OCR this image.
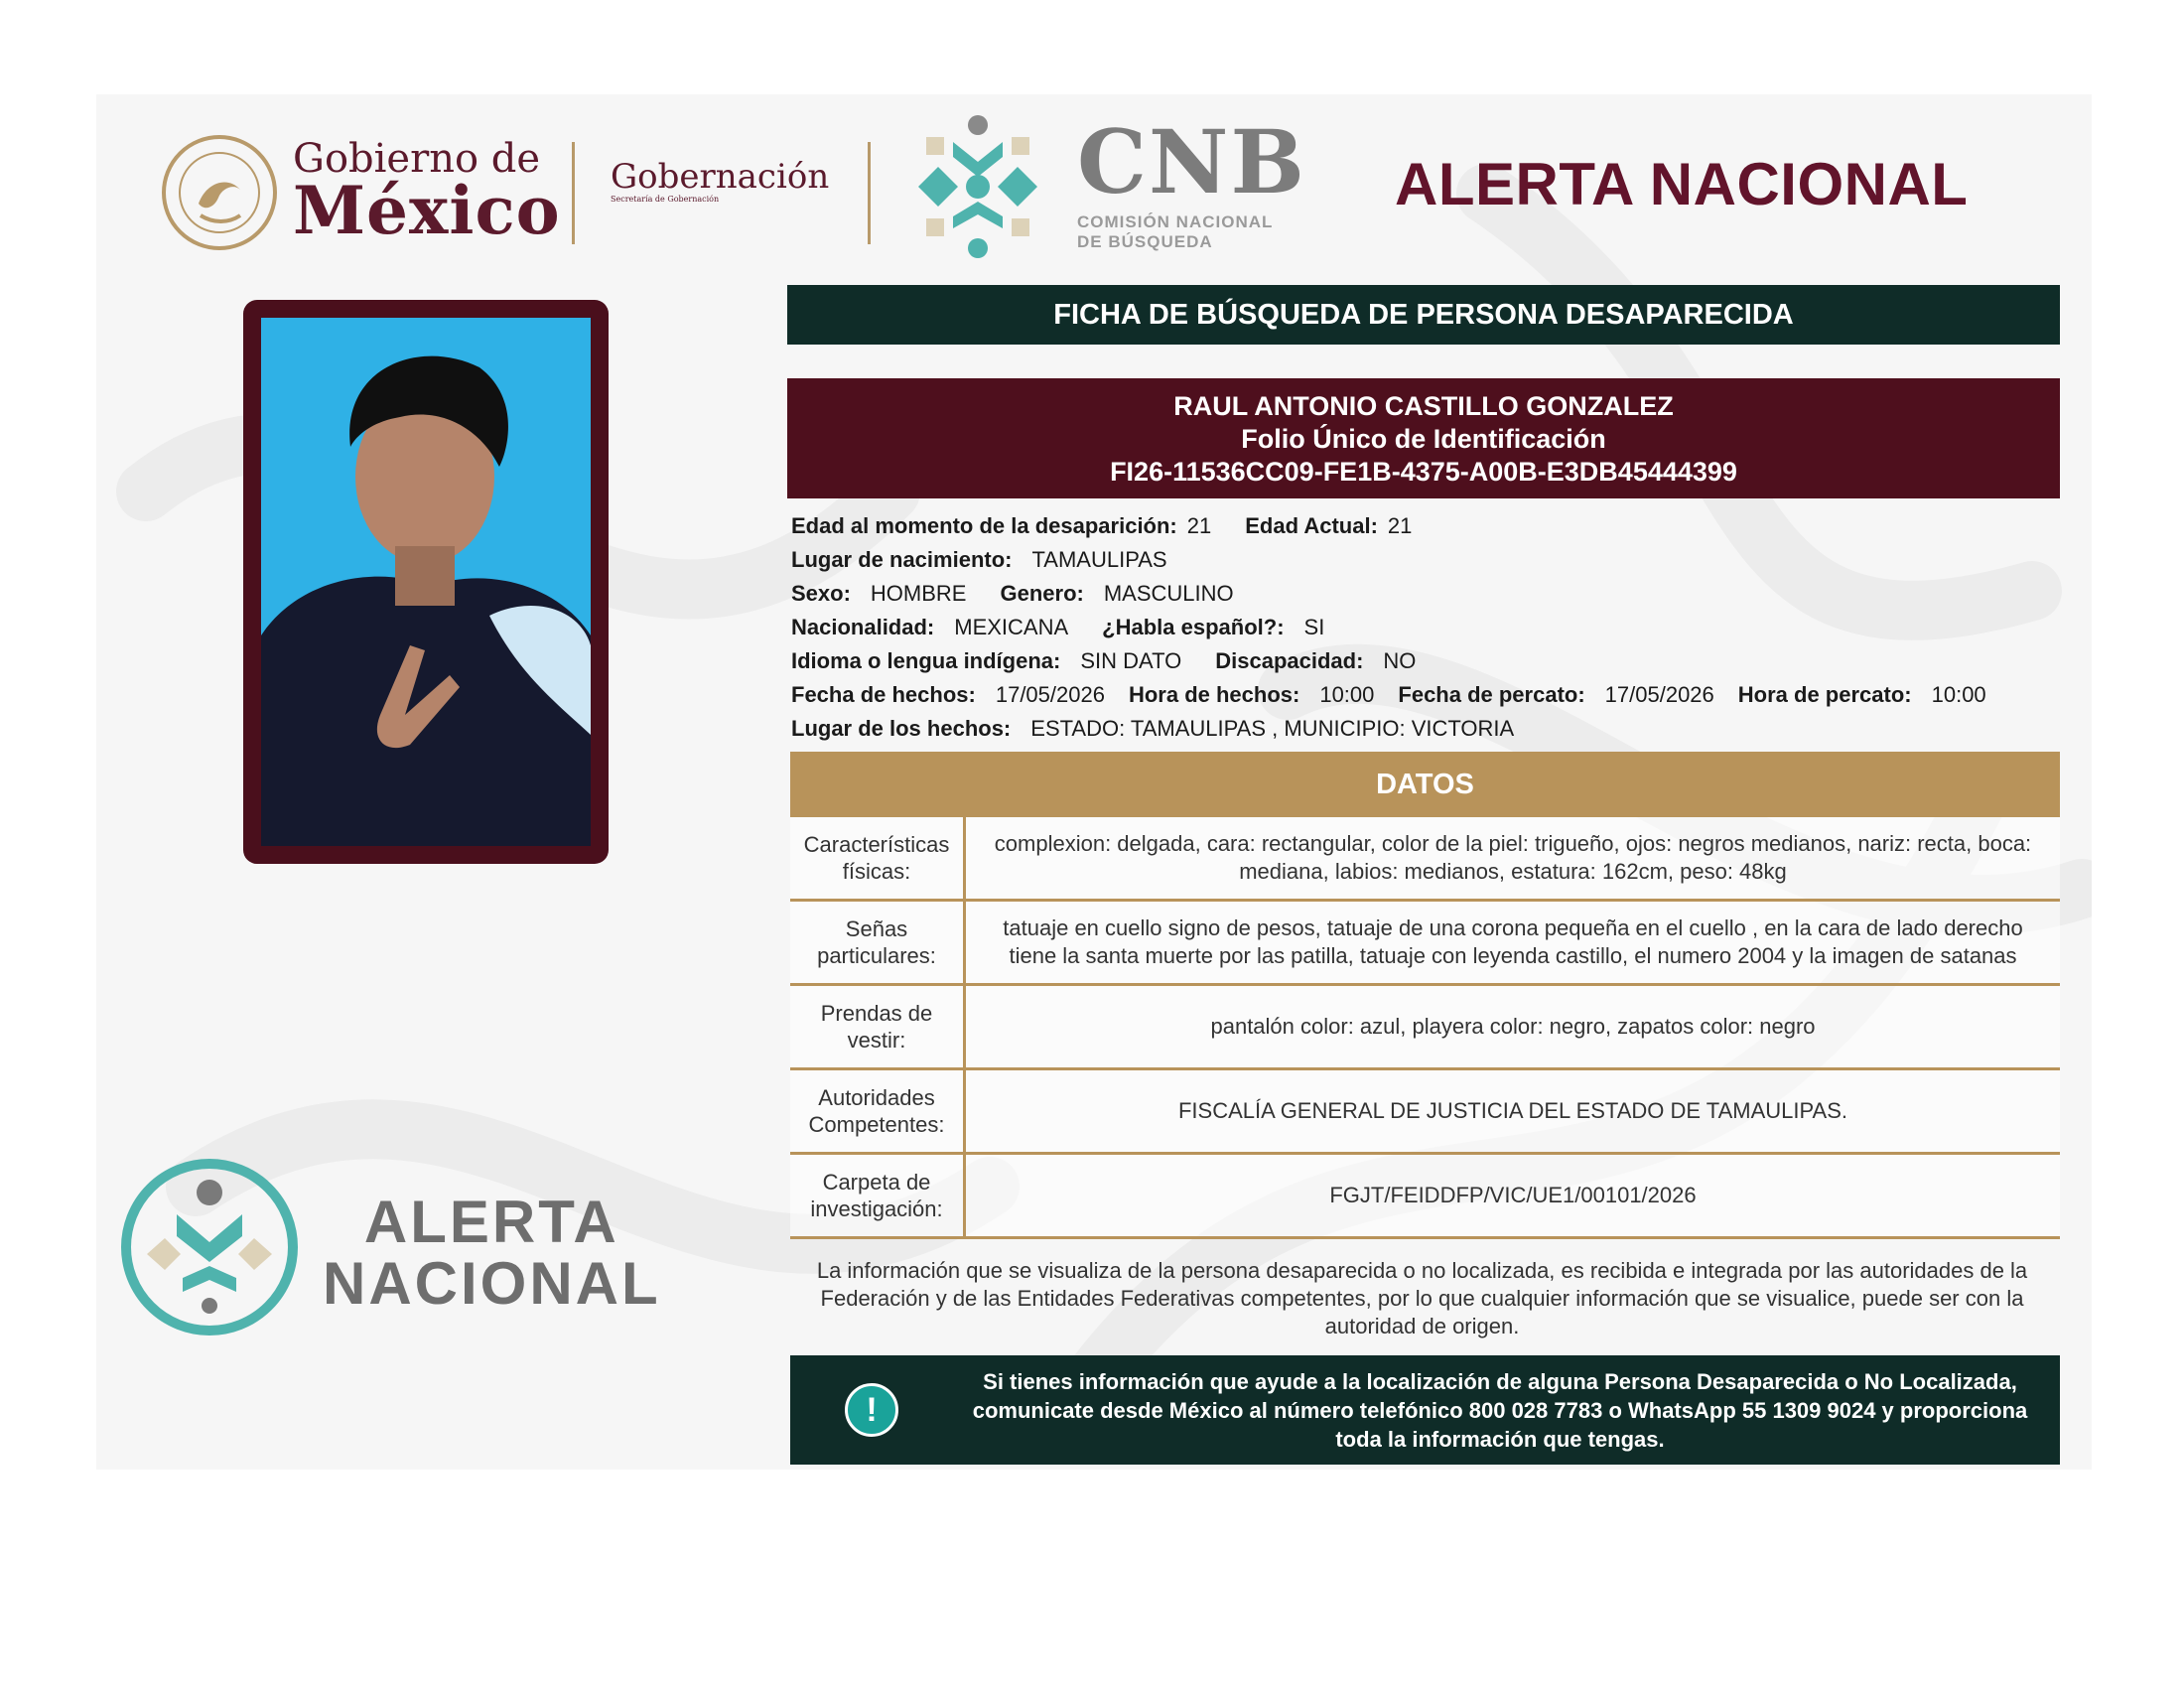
Gobierno de
México Gobernación
Secretaría de Gobernación	CNB
COMISIÓN NACIONAL
DE BÚSQUEDA
ALERTA NACIONAL
FICHA DE BÚSQUEDA DE PERSONA DESAPARECIDA
RAUL ANTONIO CASTILLO GONZALEZ
Folio Único de Identificación
FI26-11536CC09-FE1B-4375-A00B-E3DB45444399
Edad al momento de la desaparición: 21 Edad Actual: 21
Lugar de nacimiento: TAMAULIPAS
Sexo: HOMBRE Genero: MASCULINO
Nacionalidad: MEXICANA ¿Habla español?: SI
Idioma o lengua indígena: SIN DATO Discapacidad: NO
Fecha de hechos: 17/05/2026 Hora de hechos: 10:00 Fecha de percato: 17/05/2026 Hora de percato: 10:00
Lugar de los hechos: ESTADO: TAMAULIPAS , MUNICIPIO: VICTORIA
DATOS
Características físicas:
complexion: delgada, cara: rectangular, color de la piel: trigueño, ojos: negros medianos, nariz: recta, boca: mediana, labios: medianos, estatura: 162cm, peso: 48kg
Señas particulares:
tatuaje en cuello signo de pesos, tatuaje de una corona pequeña en el cuello , en la cara de lado derecho tiene la santa muerte por las patilla, tatuaje con leyenda castillo, el numero 2004 y la imagen de satanas
Prendas de vestir:
pantalón color: azul, playera color: negro, zapatos color: negro
Autoridades Competentes:
FISCALÍA GENERAL DE JUSTICIA DEL ESTADO DE TAMAULIPAS.
Carpeta de investigación:
FGJT/FEIDDFP/VIC/UE1/00101/2026
La información que se visualiza de la persona desaparecida o no localizada, es recibida e integrada por las autoridades de la Federación y de las Entidades Federativas competentes, por lo que cualquier información que se visualice, puede ser con la autoridad de origen.
!
Si tienes información que ayude a la localización de alguna Persona Desaparecida o No Localizada, comunicate desde México al número telefónico 800 028 7783 o WhatsApp 55 1309 9024 y proporciona toda la información que tengas.
ALERTA
NACIONAL
